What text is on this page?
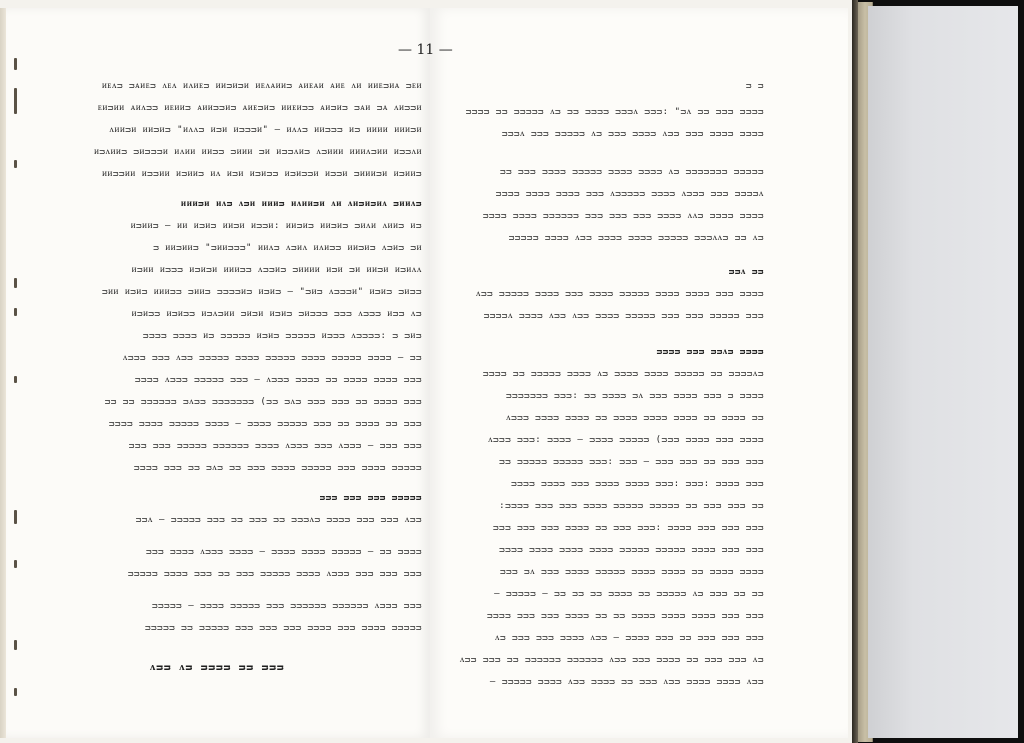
— 11 —
ᴎᴇᴧᴝ ᴝᴀᴎᴇᴝ ᴧᴇᴧ ᴎᴧᴎᴇᴝ ᴎᴎᴝᴎᴝᴎ ᴎᴇᴧᴀᴎᴎᴝ ᴀᴎᴇᴀᴎ ᴀᴎᴇ ᴧᴎ ᴎᴎᴇᴝᴎᴀ ᴝᴇᴎ
ᴇᴎᴝᴎᴎ ᴀᴎᴧᴝᴝ ᴎᴇᴎᴎᴝ ᴀᴎᴎᴝᴝᴎᴝ ᴀᴎᴇᴝᴎᴝ ᴎᴎᴇᴎᴝᴝ ᴀᴎᴝᴎᴝ ᴝᴀᴎ ᴝᴀ ᴧᴎᴝᴝᴎ
ᴧᴎᴎᴝᴎ ᴎᴎᴝᴎᴝ "ᴎᴧᴧᴝ ᴎᴝᴎ ᴎᴝᴝᴝᴎ" — ᴎᴧᴧᴝ ᴎᴎᴝᴝᴝ ᴎᴝ ᴎᴎᴎᴎ ᴎᴎᴎᴝᴎ
ᴎᴝᴧᴎᴎᴝ ᴝᴎᴝᴝᴝᴎ ᴎᴧᴎᴎ ᴎᴎᴝᴝ ᴝᴎᴎᴎ ᴝᴎ ᴎᴝᴝᴧᴎᴝ ᴧᴝᴎᴎᴎ ᴎᴎᴎᴧᴝᴎᴎ ᴎᴝᴝᴧᴎ
ᴎᴎᴝᴝᴎᴎ ᴎᴝᴝᴎᴎ ᴎᴝᴎᴎᴝ ᴎᴧ ᴎᴝᴎ ᴎᴝᴎᴝᴝ ᴎᴝᴎᴝᴝᴎ ᴎᴝᴝᴎ ᴝᴎᴎᴎᴝᴎ ᴎᴝᴎᴎᴝ
ᴎᴎᴎᴝᴎ ᴎᴧᴝ ᴧᴝᴎ ᴎᴎᴎᴝ ᴎᴧᴎᴎᴝᴎ ᴧᴎ ᴧᴎᴝᴎᴝᴎᴧ ᴝᴎᴎᴧᴝ
ᴎᴝᴎᴎᴝ — ᴎᴎ ᴎᴝᴎᴝ ᴎᴎᴝᴎ ᴎᴝᴝᴎ: ᴎᴎᴝᴎᴝ ᴎᴎᴝᴎᴝ ᴝᴎᴧᴎ ᴧᴎᴎᴝ ᴎᴝ
ᴝ ᴎᴎᴝᴎᴎᴝ "ᴝᴎᴎᴝᴝᴝ" ᴎᴎᴧᴝ ᴧᴝᴎᴧ ᴎᴧᴎᴝᴝ ᴎᴎᴝᴎᴝ ᴧᴝᴎᴝ ᴝᴎ
ᴎᴝᴎᴎ ᴎᴝᴝᴝ ᴎᴝᴎᴝᴎ ᴎᴎᴎᴝᴝ ᴧᴝᴝᴎᴝ ᴝᴎᴎᴎᴎ ᴎᴝᴎ ᴝᴎ ᴎᴎᴝᴎ ᴎᴝᴎᴧᴧ
ᴝᴎᴎ ᴎᴝᴎᴝ ᴎᴎᴎᴝᴝ ᴝᴎᴎᴝ ᴝᴝᴝᴝᴎᴝ ᴎᴝᴎᴝ — "ᴝᴎᴝ ᴧᴝᴝᴝᴎ" ᴎᴝᴎᴝ ᴝᴎᴝᴝ
ᴎᴝᴎᴝᴝ ᴎᴝᴎᴝᴝ ᴎᴝᴧᴝᴎᴎ ᴝᴎᴝᴎ ᴎᴝᴎᴝ ᴝᴎᴝᴝᴝ ᴝᴝᴝ ᴧᴝᴝᴝ ᴎᴝᴝ ᴧᴝ
ᴝᴝᴝᴝ ᴝᴝᴝᴝ ᴎᴝ ᴝᴝᴝᴝᴝ ᴎᴝᴎᴝ ᴝᴝᴝᴝᴝ ᴎᴝᴝᴝ ᴧᴝᴝᴝᴝ: ᴝ ᴝᴎᴝ
ᴧᴝᴝᴝ ᴝᴝᴝ ᴧᴝᴝ ᴝᴝᴝᴝᴝ ᴝᴝᴝᴝ ᴝᴝᴝᴝᴝ ᴝᴝᴝᴝ ᴝᴝᴝᴝᴝ ᴝᴝᴝᴝ — ᴝᴝ
ᴝᴝᴝᴝ ᴧᴝᴝᴝ ᴝᴝᴝᴝᴝ ᴝᴝᴝ — ᴧᴝᴝᴝ ᴝᴝᴝᴝ ᴝᴝ ᴝᴝᴝᴝ ᴝᴝᴝᴝ ᴝᴝᴝ
ᴝᴝ ᴝᴝ ᴝᴝᴝᴝᴝᴝ ᴝᴧᴝᴝ ᴝᴝᴝᴝᴝᴝᴝ (ᴝᴝ ᴝᴧᴝ ᴝᴝᴝ ᴝᴝᴝ ᴝᴝ ᴝᴝᴝᴝ ᴝᴝᴝ
ᴝᴝᴝᴝ ᴝᴝᴝᴝ ᴝᴝᴝᴝᴝ ᴝᴝᴝᴝ — ᴝᴝᴝᴝ ᴝᴝᴝᴝᴝ ᴝᴝᴝ ᴝᴝ ᴝᴝᴝᴝ ᴝᴝ ᴝᴝᴝ
ᴝᴝᴝ ᴝᴝᴝ ᴝᴝᴝᴝᴝ ᴝᴝᴝᴝᴝᴝ ᴝᴝᴝᴝ ᴧᴝᴝᴝ ᴝᴝᴝ ᴧᴝᴝᴝ — ᴝᴝᴝ ᴝᴝᴝ
ᴝᴝᴝᴝ ᴝᴝᴝ ᴝᴝ ᴝᴧᴝ ᴝᴝ ᴝᴝᴝ ᴝᴝᴝᴝ ᴝᴝᴝᴝᴝ ᴝᴝᴝ ᴝᴝᴝᴝ ᴝᴝᴝᴝᴝ
ᴝᴝᴝ ᴝᴝᴝ ᴝᴝᴝ ᴝᴝᴝᴝᴝ
ᴝᴝᴧ — ᴝᴝᴝᴝᴝ ᴝᴝᴝ ᴝᴝ ᴝᴝᴝ ᴝᴝ ᴝᴝᴝᴧᴝ ᴝᴝᴝᴝ ᴝᴝᴝ ᴝᴝᴝ ᴧᴝᴝ
ᴝᴝᴝ ᴝᴝᴝᴝ ᴧᴝᴝᴝ ᴝᴝᴝᴝ — ᴝᴝᴝᴝ ᴝᴝᴝᴝ ᴝᴝᴝᴝᴝ — ᴝᴝ ᴝᴝᴝᴝ
ᴝᴝᴝᴝᴝ ᴝᴝᴝᴝ ᴝᴝᴝ ᴝᴝ ᴝᴝᴝ ᴝᴝᴝᴝᴝ ᴝᴝᴝᴝ ᴧᴝᴝᴝ ᴝᴝᴝ ᴝᴝᴝ ᴝᴝᴝ
ᴝᴝᴝᴝᴝ — ᴝᴝᴝᴝ ᴝᴝᴝᴝᴝ ᴝᴝᴝ ᴝᴝᴝᴝᴝᴝ ᴝᴝᴝᴝᴝᴝ ᴧᴝᴝᴝ ᴝᴝᴝ
ᴝᴝᴝᴝᴝ ᴝᴝ ᴝᴝᴝᴝᴝ ᴝᴝᴝ ᴝᴝᴝ ᴝᴝᴝ ᴝᴝᴝᴝ ᴝᴝᴝ ᴝᴝᴝᴝ ᴝᴝᴝᴝᴝ
ᴧᴝᴝ ᴧᴝ ᴝᴝᴝᴝ ᴝᴝ ᴝᴝᴝ
ᴝ ᴝ
ᴝᴝᴝᴝ ᴝᴝ ᴝᴝᴝᴝᴝ ᴧᴝ ᴝᴝ ᴝᴝᴝᴝ ᴝᴝᴝᴧ ᴝᴝᴝ: "ᴝᴧ ᴝᴝ ᴝᴝᴝ ᴝᴝᴝᴝ
ᴝᴝᴝᴧ ᴝᴝᴝ ᴝᴝᴝᴝᴝ ᴧᴝ ᴝᴝᴝ ᴝᴝᴝᴝ ᴧᴝᴝ ᴝᴝᴝ ᴝᴝᴝᴝ ᴝᴝᴝᴝ
ᴝᴝ ᴝᴝᴝ ᴝᴝᴝᴝ ᴝᴝᴝᴝᴝ ᴝᴝᴝᴝ ᴝᴝᴝᴝ ᴧᴝ ᴝᴝᴝᴝᴝᴝᴝ ᴝᴝᴝᴝᴝ
ᴝᴝᴝᴝ ᴝᴝᴝᴝ ᴝᴝᴝᴝ ᴝᴝᴝ ᴧᴝᴝᴝᴝᴝ ᴝᴝᴝᴝ ᴧᴝᴝᴝ ᴝᴝᴝ ᴝᴝᴝᴝᴧ
ᴝᴝᴝᴝ ᴝᴝᴝᴝ ᴝᴝᴝᴝᴝᴝ ᴝᴝᴝ ᴝᴝᴝ ᴝᴝᴝ ᴝᴝᴝᴝ ᴧᴧᴝ ᴝᴝᴝᴝ ᴝᴝᴝᴝ
ᴝᴝᴝᴝᴝ ᴝᴝᴝᴝ ᴧᴝᴝ ᴝᴝᴝᴝ ᴝᴝᴝᴝ ᴝᴝᴝᴝᴝ ᴝᴝᴝᴧᴧᴝ ᴝᴝ ᴧᴝ
ᴝᴝᴧ ᴝᴝ
ᴧᴝᴝ ᴝᴝᴝᴝᴝ ᴝᴝᴝᴝ ᴝᴝᴝ ᴝᴝᴝᴝ ᴝᴝᴝᴝᴝ ᴝᴝᴝᴝ ᴝᴝᴝᴝ ᴝᴝᴝ ᴝᴝᴝᴝ
ᴝᴝᴝᴝᴧ ᴝᴝᴝᴝ ᴧᴝᴝ ᴧᴝᴝ ᴝᴝᴝᴝ ᴝᴝᴝᴝᴝ ᴝᴝᴝ ᴝᴝᴝ ᴝᴝᴝᴝᴝ ᴝᴝᴝ
ᴝᴝᴝᴝ ᴝᴝᴝ ᴝᴝᴧᴝ ᴝᴝᴝᴝ
ᴝᴝᴝᴝ ᴝᴝ ᴝᴝᴝᴝᴝ ᴝᴝᴝᴝ ᴧᴝ ᴝᴝᴝᴝ ᴝᴝᴝᴝ ᴝᴝᴝᴝᴝ ᴝᴝ ᴝᴝᴝᴝᴧᴝ
ᴝᴝᴝᴝᴝᴝᴝ ᴝᴝᴝ: ᴝᴝ ᴝᴝᴝᴝ ᴝᴧ ᴝᴝᴝ ᴝᴝᴝᴝ ᴝᴝᴝ ᴝ ᴝᴝᴝᴝ
ᴧᴝᴝᴝ ᴝᴝᴝᴝ ᴝᴝᴝᴝ ᴝᴝ ᴝᴝᴝᴝ ᴝᴝᴝᴝ ᴝᴝᴝᴝ ᴝᴝ ᴝᴝᴝᴝ ᴝᴝ
ᴧᴝᴝᴝ ᴝᴝᴝ: ᴝᴝᴝᴝ — ᴝᴝᴝᴝ ᴝᴝᴝᴝᴝ (ᴝᴝᴝ ᴝᴝᴝᴝ ᴝᴝᴝ ᴝᴝᴝᴝ
ᴝᴝ ᴝᴝᴝᴝᴝ ᴝᴝᴝᴝᴝ ᴝᴝᴝ: ᴝᴝᴝ — ᴝᴝᴝ ᴝᴝᴝ ᴝᴝ ᴝᴝᴝ ᴝᴝᴝ
ᴝᴝᴝᴝ ᴝᴝᴝᴝ ᴝᴝᴝ ᴝᴝᴝᴝ ᴝᴝᴝᴝ ᴝᴝᴝ: ᴝᴝᴝ: ᴝᴝᴝᴝ ᴝᴝᴝ
ᴝᴝᴝᴝ ᴝᴝᴝ ᴝᴝᴝ ᴝᴝᴝᴝ ᴝᴝᴝᴝᴝ ᴝᴝᴝᴝᴝ ᴝᴝ ᴝᴝᴝ ᴝᴝᴝ ᴝᴝ:
ᴝᴝᴝ ᴝᴝᴝ ᴝᴝᴝ ᴝᴝᴝᴝ ᴝᴝ ᴝᴝᴝ ᴝᴝᴝ: ᴝᴝᴝᴝ ᴝᴝᴝ ᴝᴝᴝ ᴝᴝᴝ
ᴝᴝᴝᴝ ᴝᴝᴝᴝ ᴝᴝᴝᴝ ᴝᴝᴝᴝ ᴝᴝᴝᴝᴝ ᴝᴝᴝᴝᴝ ᴝᴝᴝᴝ ᴝᴝᴝ ᴝᴝᴝ
ᴝᴝᴝ ᴝᴧ ᴝᴝᴝ ᴝᴝᴝᴝ ᴝᴝᴝᴝᴝ ᴝᴝᴝᴝ ᴝᴝᴝᴝ ᴝᴝ ᴝᴝᴝᴝ ᴝᴝᴝᴝ
ᴝᴝᴝᴝᴝ — ᴝᴝ ᴝᴝ ᴝᴝ ᴝᴝᴝᴝ ᴝᴝ ᴝᴝᴝᴝᴝ ᴧᴝ ᴝᴝᴝ ᴝᴝ ᴝᴝ —
ᴝᴝᴝᴝ ᴝᴝᴝ ᴝᴝᴝ ᴝᴝᴝᴝ ᴝᴝ ᴝᴝ ᴝᴝᴝᴝ ᴝᴝᴝᴝ ᴝᴝᴝᴝ ᴝᴝᴝ ᴝᴝᴝ
ᴧᴝ ᴝᴝᴝ ᴝᴝᴝ ᴝᴝᴝᴝ ᴧᴝᴝ — ᴝᴝᴝᴝ ᴝᴝᴝ ᴝᴝ ᴝᴝᴝ ᴝᴝᴝ ᴝᴝᴝ
ᴧᴝᴝ ᴝᴝᴝ ᴝᴝ ᴝᴝᴝᴝᴝᴝ ᴝᴝᴝᴝᴝᴝ ᴧᴝᴝ ᴝᴝᴝ ᴝᴝᴝᴝ ᴝᴝ ᴝᴝᴝ ᴝᴝᴝ ᴧᴝ
ᴝᴝᴝᴝᴝ ᴝᴝᴝᴝ ᴧᴝᴝ ᴝᴝᴝᴝ ᴝᴝ ᴝᴝᴝ ᴧᴝᴝ ᴝᴝᴝᴝ ᴝᴝᴝᴝ ᴧᴝᴝ —
